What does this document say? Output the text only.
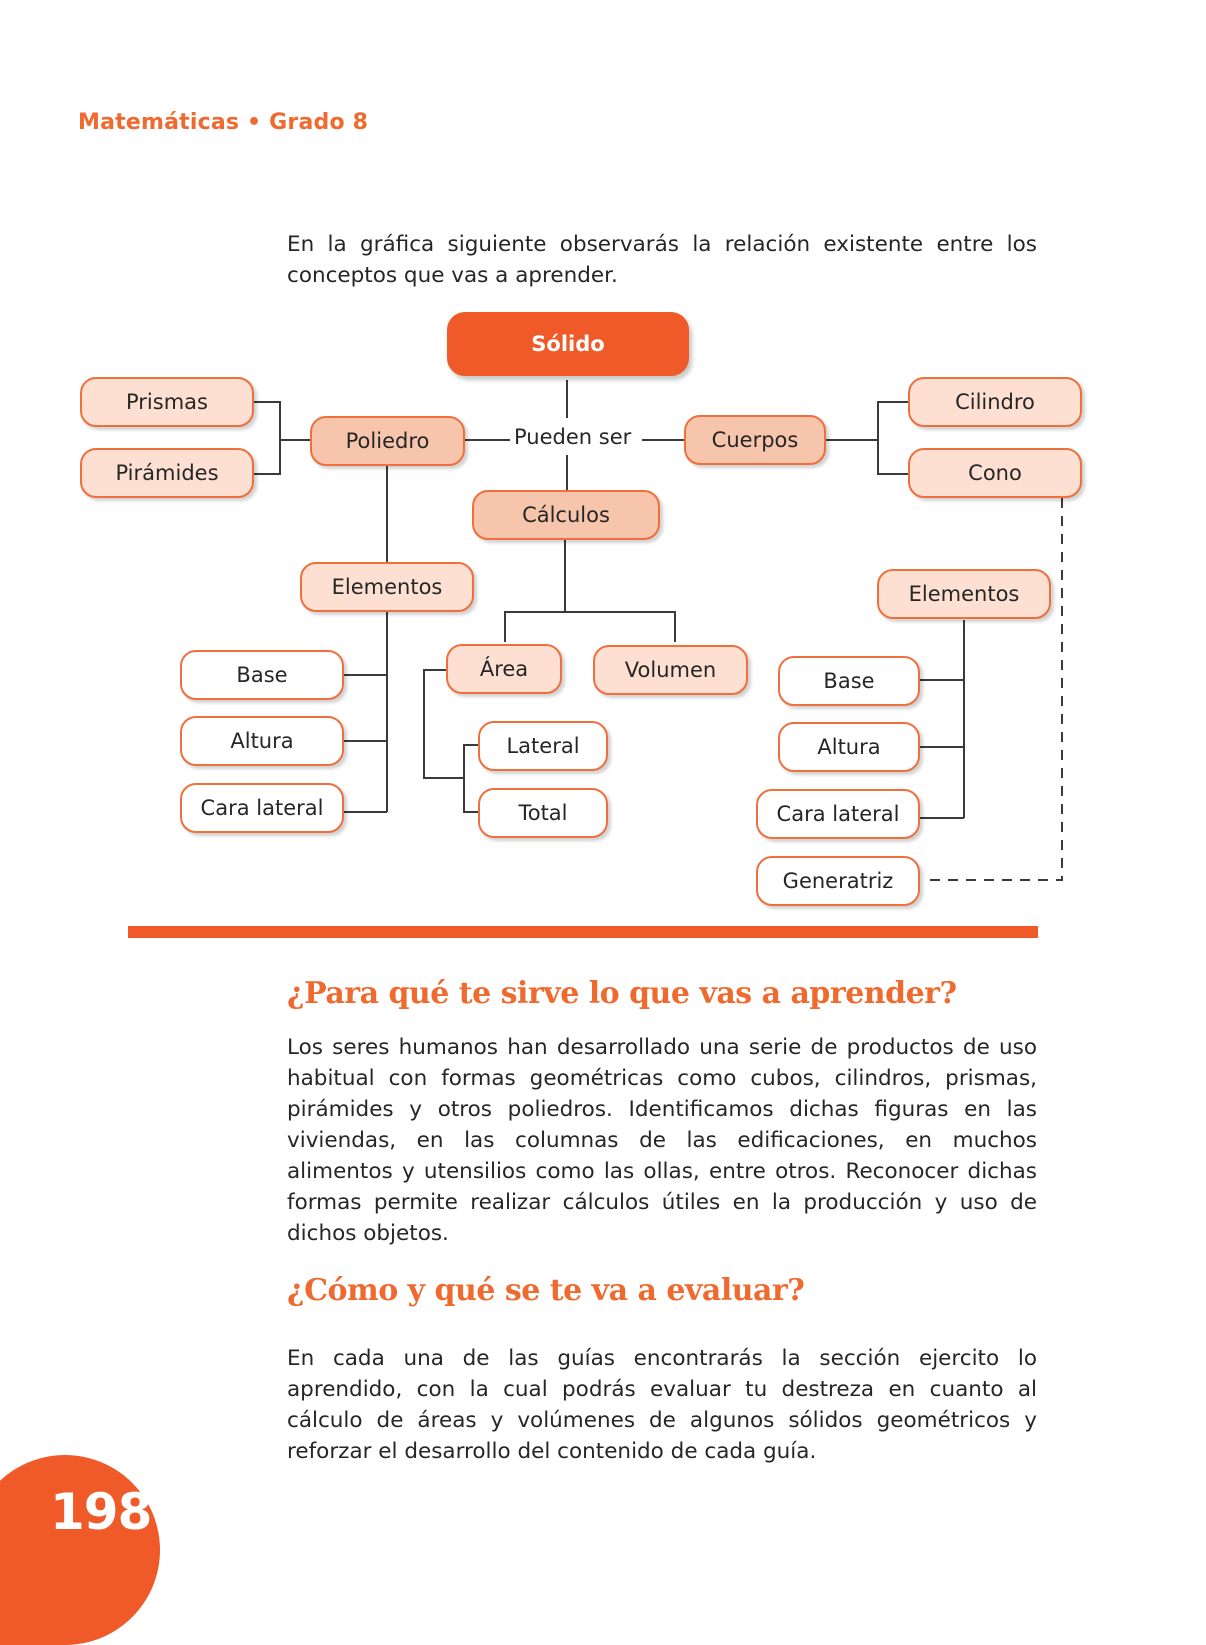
Matemáticas • Grado 8
En la gráfica siguiente observarás la relación existente entre los conceptos que vas a aprender.
Sólido
Pueden ser
Prismas
Pirámides
Poliedro	Cuerpos
Cilindro
Cono
Cálculos
Área	Volumen
Lateral
Total
Elementos
Base
Altura
Cara lateral
Elementos
Base
Altura
Cara lateral
Generatriz
¿Para qué te sirve lo que vas a aprender?
Los seres humanos han desarrollado una serie de productos de uso habitual con formas geométricas como cubos, cilindros, prismas, pirámides y otros poliedros. Identificamos dichas figuras en las viviendas, en las columnas de las edificaciones, en muchos alimentos y utensilios como las ollas, entre otros. Reconocer dichas formas permite realizar cálculos útiles en la producción y uso de dichos objetos.
¿Cómo y qué se te va a evaluar?
En cada una de las guías encontrarás la sección ejercito lo aprendido, con la cual podrás evaluar tu destreza en cuanto al cálculo de áreas y volúmenes de algunos sólidos geométricos y reforzar el desarrollo del contenido de cada guía.
198
